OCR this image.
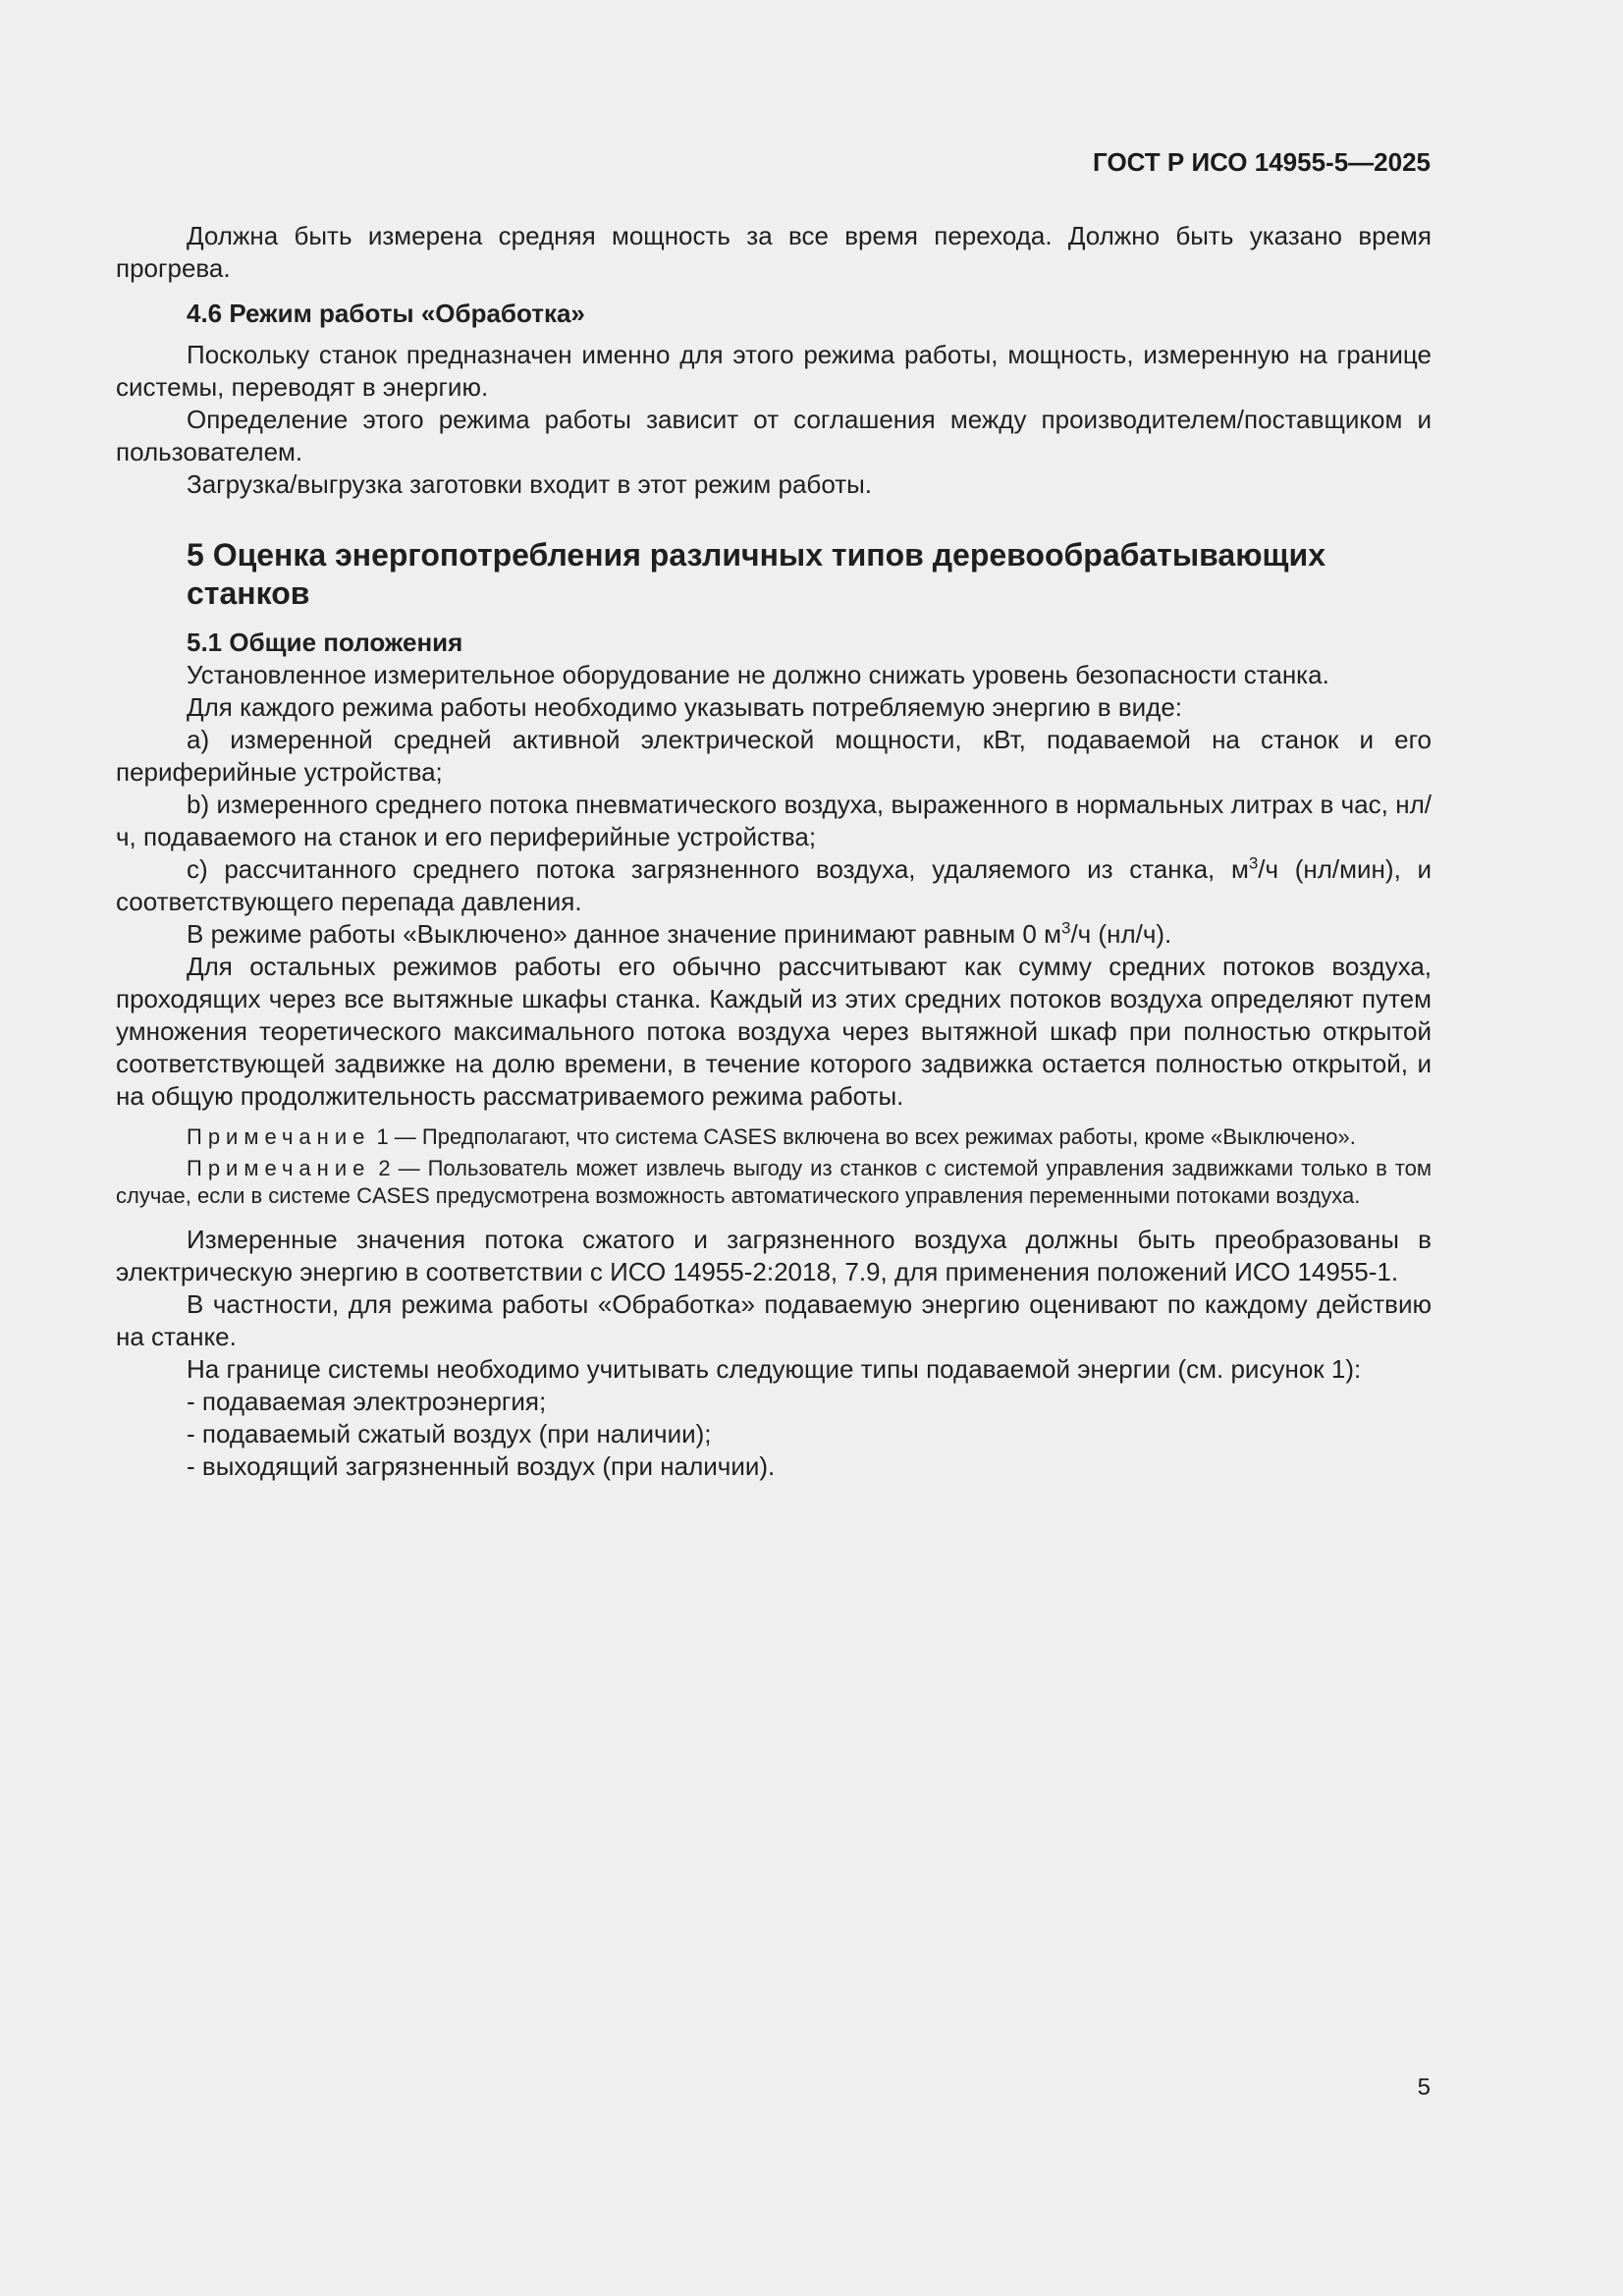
ГОСТ Р ИСО 14955-5—2025

Должна быть измерена средняя мощность за все время перехода. Должно быть указано время прогрева.

4.6 Режим работы «Обработка»

Поскольку станок предназначен именно для этого режима работы, мощность, измеренную на границе системы, переводят в энергию.

Определение этого режима работы зависит от соглашения между производителем/поставщиком и пользователем.

Загрузка/выгрузка заготовки входит в этот режим работы.

5 Оценка энергопотребления различных типов деревообрабатывающих станков
5.1 Общие положения

Установленное измерительное оборудование не должно снижать уровень безопасности станка.

Для каждого режима работы необходимо указывать потребляемую энергию в виде:

a) измеренной средней активной электрической мощности, кВт, подаваемой на станок и его периферийные устройства;

b) измеренного среднего потока пневматического воздуха, выраженного в нормальных литрах в час, нл/ч, подаваемого на станок и его периферийные устройства;

c) рассчитанного среднего потока загрязненного воздуха, удаляемого из станка, $м^3/ч$ (нл/мин), и соответствующего перепада давления.

В режиме работы «Выключено» данное значение принимают равным 0 $м^3/ч$ (нл/ч).

Для остальных режимов работы его обычно рассчитывают как сумму средних потоков воздуха, проходящих через все вытяжные шкафы станка. Каждый из этих средних потоков воздуха определяют путем умножения теоретического максимального потока воздуха через вытяжной шкаф при полностью открытой соответствующей задвижке на долю времени, в течение которого задвижка остается полностью открытой, и на общую продолжительность рассматриваемого режима работы.

Примечание 1 — Предполагают, что система CASES включена во всех режимах работы, кроме «Выключено».

Примечание 2 — Пользователь может извлечь выгоду из станков с системой управления задвижками только в том случае, если в системе CASES предусмотрена возможность автоматического управления переменными потоками воздуха.

Измеренные значения потока сжатого и загрязненного воздуха должны быть преобразованы в электрическую энергию в соответствии с ИСО 14955-2:2018, 7.9, для применения положений ИСО 14955-1.

В частности, для режима работы «Обработка» подаваемую энергию оценивают по каждому действию на станке.

На границе системы необходимо учитывать следующие типы подаваемой энергии (см. рисунок 1):

- подаваемая электроэнергия;

- подаваемый сжатый воздух (при наличии);

- выходящий загрязненный воздух (при наличии).

5
